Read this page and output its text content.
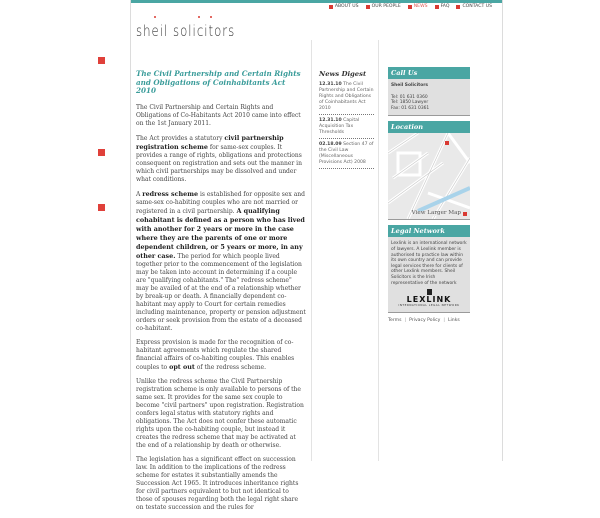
ABOUT US	OUR PEOPLE	NEWS	FAQ	CONTACT US
sheil solicitors
The Civil Partnership and Certain Rights and Obligations of Coinhabitants Act 2010

The Civil Partnership and Certain Rights and Obligations of Co-Habitants Act 2010 came into effect on the 1st January 2011.

The Act provides a statutory civil partnership registration scheme for same-sex couples. It provides a range of rights, obligations and protections consequent on registration and sets out the manner in which civil partnerships may be dissolved and under what conditions.

A redress scheme is established for opposite sex and same-sex co-habiting couples who are not married or registered in a civil partnership. A qualifying cohabitant is defined as a person who has lived with another for 2 years or more in the case where they are the parents of one or more dependent children, or 5 years or more, in any other case. The period for which people lived together prior to the commencement of the legislation may be taken into account in determining if a couple are "qualifying cohabitants." The" redress scheme" may be availed of at the end of a relationship whether by break-up or death. A financially dependent co-habitant may apply to Court for certain remedies including maintenance, property or pension adjustment orders or seek provision from the estate of a deceased co-habitant.

Express provision is made for the recognition of co-habitant agreements which regulate the shared financial affairs of co-habiting couples. This enables couples to opt out of the redress scheme.

Unlike the redress scheme the Civil Partnership registration scheme is only available to persons of the same sex. It provides for the same sex couple to become "civil partners" upon registration. Registration confers legal status with statutory rights and obligations. The Act does not confer these automatic rights upon the co-habiting couple, but instead it creates the redress scheme that may be activated at the end of a relationship by death or otherwise.

The legislation has a significant effect on succession law. In addition to the implications of the redress scheme for estates it substantially amends the Succession Act 1965. It introduces inheritance rights for civil partners equivalent to but not identical to those of spouses regarding both the legal right share on testate succession and the rules for

News Digest
12.31.10 The Civil Partnership and Certain Rights and Obligations of Coinhabitants Act 2010
12.31.10 Capital Acquisition Tax Thresholds
02.18.09 Section 47 of the Civil Law (Miscellaneous Provisions Act) 2008
Call Us
Sheil Solicitors
Tel: 01 631 0360
Tel: 1850 Lawyer
Fax: 01 631 0361
Location
View Larger Map
Legal Network
Lexlink is an international network of lawyers. A Lexlink member is authorised to practice law within its own country and can provide legal services there for clients of other Lexlink members. Sheil Solicitors is the Irish representative of the network
LEXLINK
INTERNATIONAL LEGAL NETWORK
Terms | Privacy Policy | Links
